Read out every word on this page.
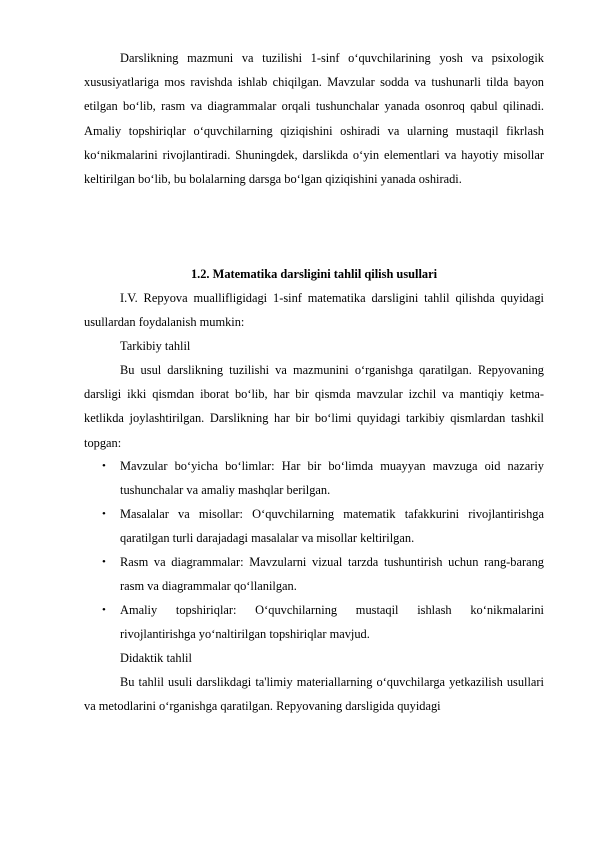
Darslikning mazmuni va tuzilishi 1-sinf o‘quvchilarining yosh va psixologik xususiyatlariga mos ravishda ishlab chiqilgan. Mavzular sodda va tushunarli tilda bayon etilgan bo‘lib, rasm va diagrammalar orqali tushunchalar yanada osonroq qabul qilinadi. Amaliy topshiriqlar o‘quvchilarning qiziqishini oshiradi va ularning mustaqil fikrlash ko‘nikmalarini rivojlantiradi. Shuningdek, darslikda o‘yin elementlari va hayotiy misollar keltirilgan bo‘lib, bu bolalarning darsga bo‘lgan qiziqishini yanada oshiradi.

1.2. Matematika darsligini tahlil qilish usullari

I.V. Repyova muallifligidagi 1-sinf matematika darsligini tahlil qilishda quyidagi usullardan foydalanish mumkin:

Tarkibiy tahlil

Bu usul darslikning tuzilishi va mazmunini o‘rganishga qaratilgan. Repyovaning darsligi ikki qismdan iborat bo‘lib, har bir qismda mavzular izchil va mantiqiy ketma-ketlikda joylashtirilgan. Darslikning har bir bo‘limi quyidagi tarkibiy qismlardan tashkil topgan:

• Mavzular bo‘yicha bo‘limlar: Har bir bo‘limda muayyan mavzuga oid nazariy tushunchalar va amaliy mashqlar berilgan.
• Masalalar va misollar: O‘quvchilarning matematik tafakkurini rivojlantirishga qaratilgan turli darajadagi masalalar va misollar keltirilgan.
• Rasm va diagrammalar: Mavzularni vizual tarzda tushuntirish uchun rang-barang rasm va diagrammalar qo‘llanilgan.
• Amaliy topshiriqlar: O‘quvchilarning mustaqil ishlash ko‘nikmalarini rivojlantirishga yo‘naltirilgan topshiriqlar mavjud.

Didaktik tahlil

Bu tahlil usuli darslikdagi ta'limiy materiallarning o‘quvchilarga yetkazilish usullari va metodlarini o‘rganishga qaratilgan. Repyovaning darsligida quyidagi
